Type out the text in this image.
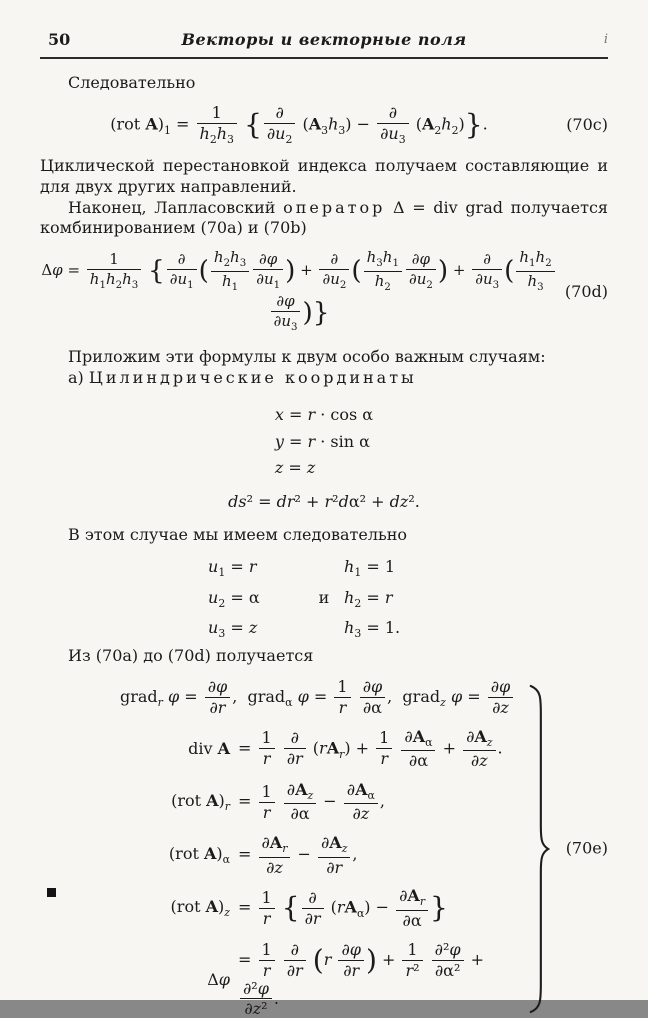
50	Векторы и векторные поля	i

Следовательно

(rot $A)_1 = \frac{1}{h_2h_3}$ { $\frac{\partial}{\partial u_2} (A_3h_3) - \frac{\partial}{\partial u_3} (A_2h_2)$}.	(70c)

Циклической перестановкой индекса получаем составляющие и для двух других направлений.

Наконец, Лапласовский оператор Δ = div grad получается комбинированием (70a) и (70b)

$\Delta\varphi = \frac{1}{h_1h_2h_3}$ { $\frac{\partial}{\partial u_1}$ ( $\frac{h_2h_3}{h_1} \frac{\partial\varphi}{\partial u_1}$ ) + $\frac{\partial}{\partial u_2}$ ( $\frac{h_3h_1}{h_2} \frac{\partial\varphi}{\partial u_2}$ ) + $\frac{\partial}{\partial u_3}$ ( $\frac{h_1h_2}{h_3}$
$\frac{\partial\varphi}{\partial u_3}$ )}
(70d)

Приложим эти формулы к двум особо важным случаям:

а) Цилиндрические координаты

x = r · cos α
y = r · sin α
z = z
ds² = dr² + r²dα² + dz².

В этом случае мы имеем следовательно

$u_1 = r$	$h_1 = 1$
$u_2 = \alpha$	и $h_2 = r$
$u_3 = z$	$h_3 = 1$.

Из (70a) до (70d) получается

grad$_r$ $\varphi = \frac{\partial\varphi}{\partial r}$ ,  grad$_\alpha$ $\varphi = \frac{1}{r}$
$\frac{\partial\varphi}{\partial\alpha}$ ,  grad$_z$ $\varphi = \frac{\partial\varphi}{\partial z}$
div $A = \frac{1}{r}$
$\frac{\partial}{\partial r} (rA_r) + \frac{1}{r}$
$\frac{\partial A_\alpha}{\partial\alpha} + \frac{\partial A_z}{\partial z}$ .
(rot $A)_r = \frac{1}{r}$
$\frac{\partial A_z}{\partial\alpha} - \frac{\partial A_\alpha}{\partial z}$ ,
(rot $A)_\alpha = \frac{\partial A_r}{\partial z} - \frac{\partial A_z}{\partial r}$ ,
(rot $A)_z = \frac{1}{r}$ { $\frac{\partial}{\partial r} (rA_\alpha) - \frac{\partial A_r}{\partial\alpha}$ }
Δφ
= $\frac{1}{r}$
$\frac{\partial}{\partial r} (r \frac{\partial\varphi}{\partial r}$ ) + $\frac{1}{\text{r²}}$
$\frac{\text{∂²φ}}{\text{∂α²}}$ +
$\frac{\text{∂²φ}}{\text{∂z²}}$ .
(70e)
